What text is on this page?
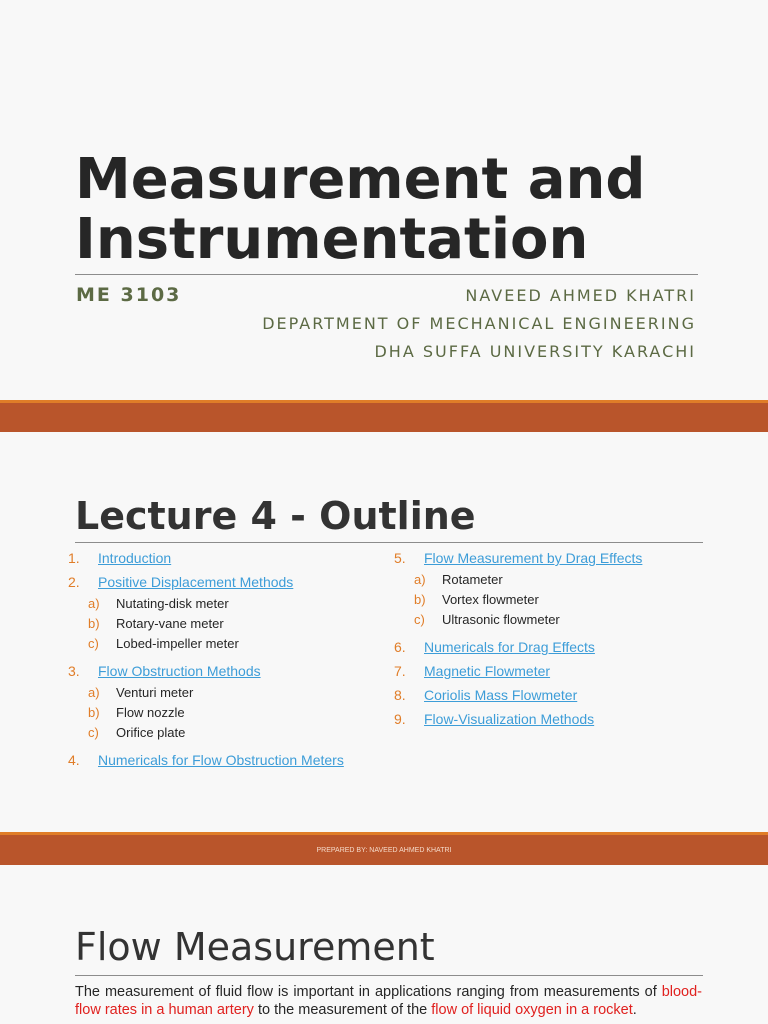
Measurement and
Instrumentation
ME 3103	NAVEED AHMED KHATRI
DEPARTMENT OF MECHANICAL ENGINEERING
DHA SUFFA UNIVERSITY KARACHI
Lecture 4 - Outline
1.	Introduction
2.	Positive Displacement Methods
a)	Nutating-disk meter
b)	Rotary-vane meter
c)	Lobed-impeller meter
3.	Flow Obstruction Methods
a)	Venturi meter
b)	Flow nozzle
c)	Orifice plate
4.	Numericals for Flow Obstruction Meters
5.	Flow Measurement by Drag Effects
a)	Rotameter
b)	Vortex flowmeter
c)	Ultrasonic flowmeter
6.	Numericals for Drag Effects
7.	Magnetic Flowmeter
8.	Coriolis Mass Flowmeter
9.	Flow-Visualization Methods
PREPARED BY: NAVEED AHMED KHATRI
Flow Measurement
The measurement of fluid flow is important in applications ranging from measurements of blood-flow rates in a human artery to the measurement of the flow of liquid oxygen in a rocket.
